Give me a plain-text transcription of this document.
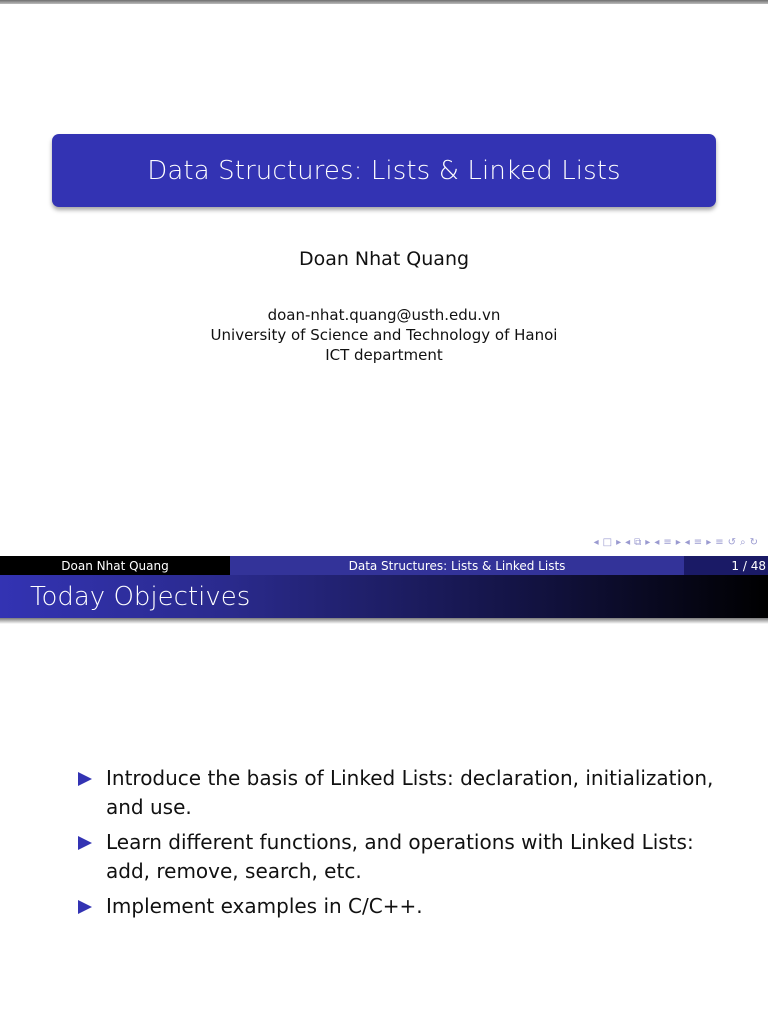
Data Structures: Lists & Linked Lists
Doan Nhat Quang
doan-nhat.quang@usth.edu.vn
University of Science and Technology of Hanoi
ICT department
◂ □ ▸ ◂ ⧉ ▸ ◂ ≡ ▸ ◂ ≡ ▸ ≡ ↺ ⌕ ↻
Doan Nhat Quang	Data Structures: Lists & Linked Lists	1 / 48
Today Objectives
Introduce the basis of Linked Lists: declaration, initialization, and use.
Learn different functions, and operations with Linked Lists: add, remove, search, etc.
Implement examples in C/C++.
